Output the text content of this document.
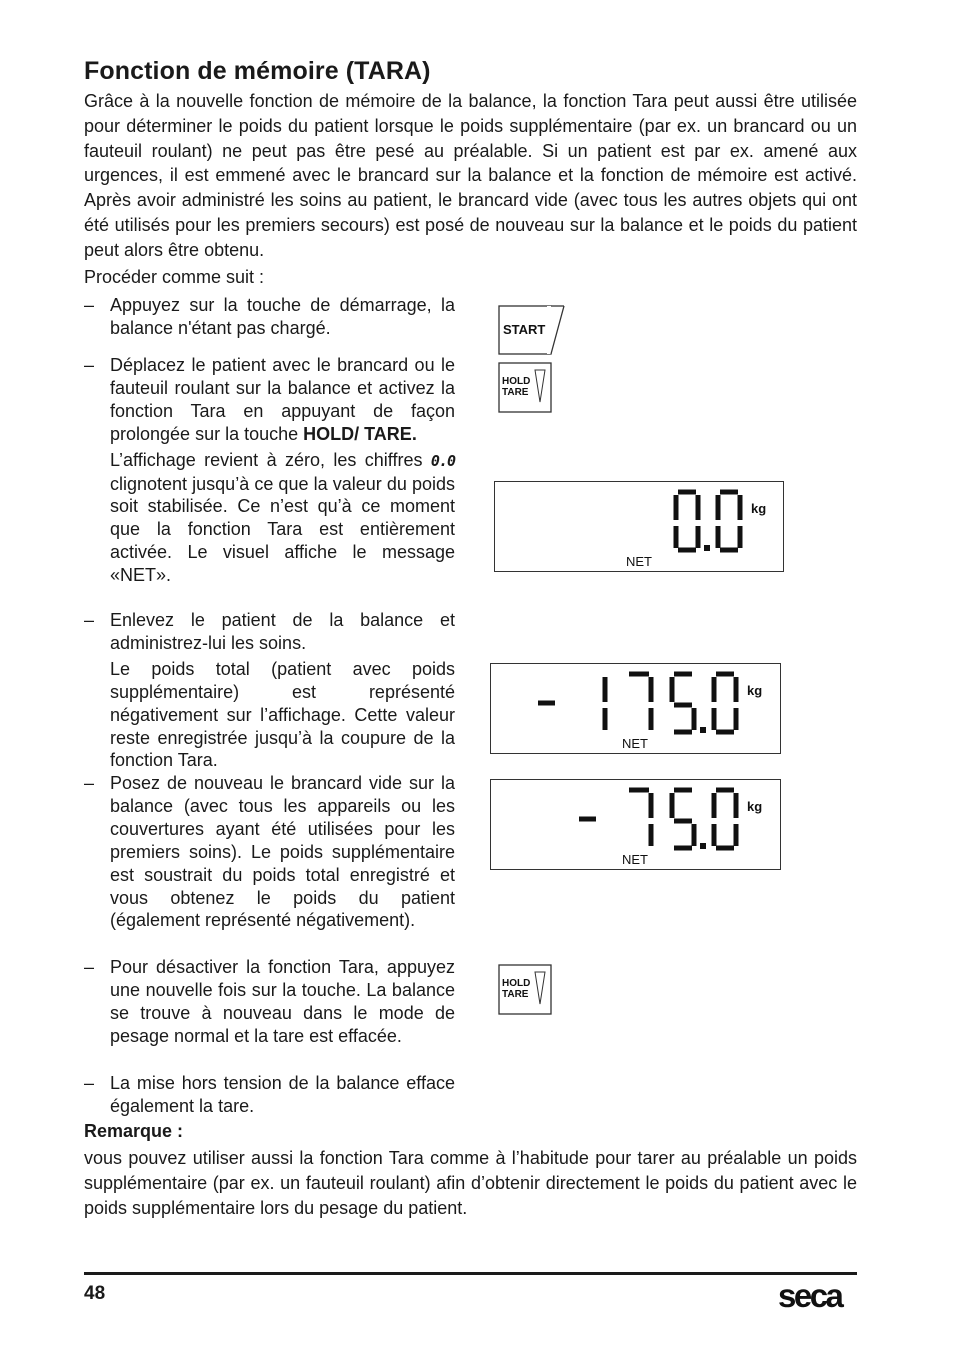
Fonction de mémoire (TARA)

Grâce à la nouvelle fonction de mémoire de la balance, la fonction Tara peut aussi être utilisée pour déterminer le poids du patient lorsque le poids supplémentaire (par ex. un brancard ou un fauteuil roulant) ne peut pas être pesé au préalable. Si un patient est par ex. amené aux urgences, il est emmené avec le brancard sur la balance et la fonction de mémoire est activé. Après avoir administré les soins au patient, le brancard vide (avec tous les autres objets qui ont été utilisés pour les premiers secours) est posé de nouveau sur la balance et le poids du patient peut alors être obtenu.

Procéder comme suit :

– Appuyez sur la touche de démarrage, la balance n'étant pas chargé.

– Déplacez le patient avec le brancard ou le fauteuil roulant sur la balance et activez la fonction Tara en appuyant de façon prolongée sur la touche HOLD/ TARE.

L’affichage revient à zéro, les chiffres 0.0 clignotent jusqu’à ce que la valeur du poids soit stabilisée. Ce n’est qu’à ce moment que la fonction Tara est entièrement activée. Le visuel affiche le message «NET».

– Enlevez le patient de la balance et administrez-lui les soins.

Le poids total (patient avec poids supplémentaire) est représenté négativement sur l’affichage. Cette valeur reste enregistrée jusqu’à la coupure de la fonction Tara.

– Posez de nouveau le brancard vide sur la balance (avec tous les appareils ou les couvertures ayant été utilisées pour les premiers soins). Le poids supplémentaire est soustrait du poids total enregistré et vous obtenez le poids du patient (également représenté négativement).

– Pour désactiver la fonction Tara, appuyez une nouvelle fois sur la touche. La balance se trouve à nouveau dans le mode de pesage normal et la tare est effacée.

– La mise hors tension de la balance efface également la tare.

START
HOLD
TARE
HOLD
TARE
kg
NET
0.0
kg
NET
- 175.0
kg
NET
- 75.0

Remarque :

vous pouvez utiliser aussi la fonction Tara comme à l’habitude pour tarer au préalable un poids supplémentaire (par ex. un fauteuil roulant) afin d’obtenir directement le poids du patient avec le poids supplémentaire lors du pesage du patient.

48	seca
